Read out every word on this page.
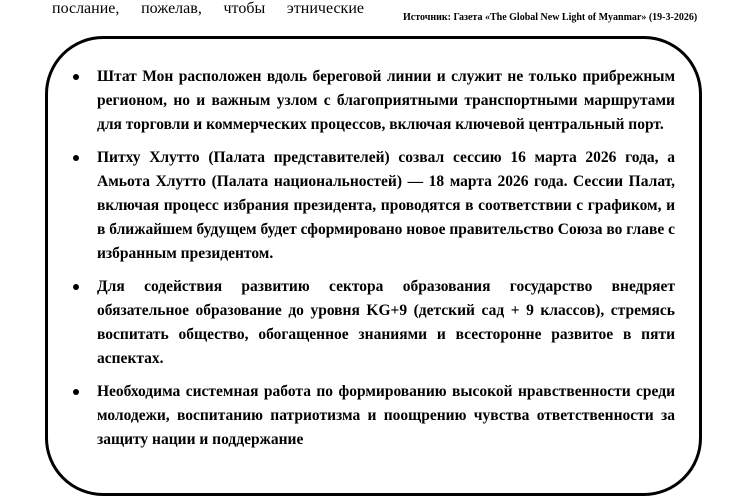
послание, пожелав, чтобы этнические
Источник: Газета «The Global New Light of Myanmar» (19-3-2026)
Штат Мон расположен вдоль береговой линии и служит не только прибрежным регионом, но и важным узлом с благоприятными транспортными маршрутами для торговли и коммерческих процессов, включая ключевой центральный порт.
Питху Хлутто (Палата представителей) созвал сессию 16 марта 2026 года, а Амьота Хлутто (Палата национальностей) — 18 марта 2026 года. Сессии Палат, включая процесс избрания президента, проводятся в соответствии с графиком, и в ближайшем будущем будет сформировано новое правительство Союза во главе с избранным президентом.
Для содействия развитию сектора образования государство внедряет обязательное образование до уровня KG+9 (детский сад + 9 классов), стремясь воспитать общество, обогащенное знаниями и всесторонне развитое в пяти аспектах.
Необходима системная работа по формированию высокой нравственности среди молодежи, воспитанию патриотизма и поощрению чувства ответственности за защиту нации и поддержание
